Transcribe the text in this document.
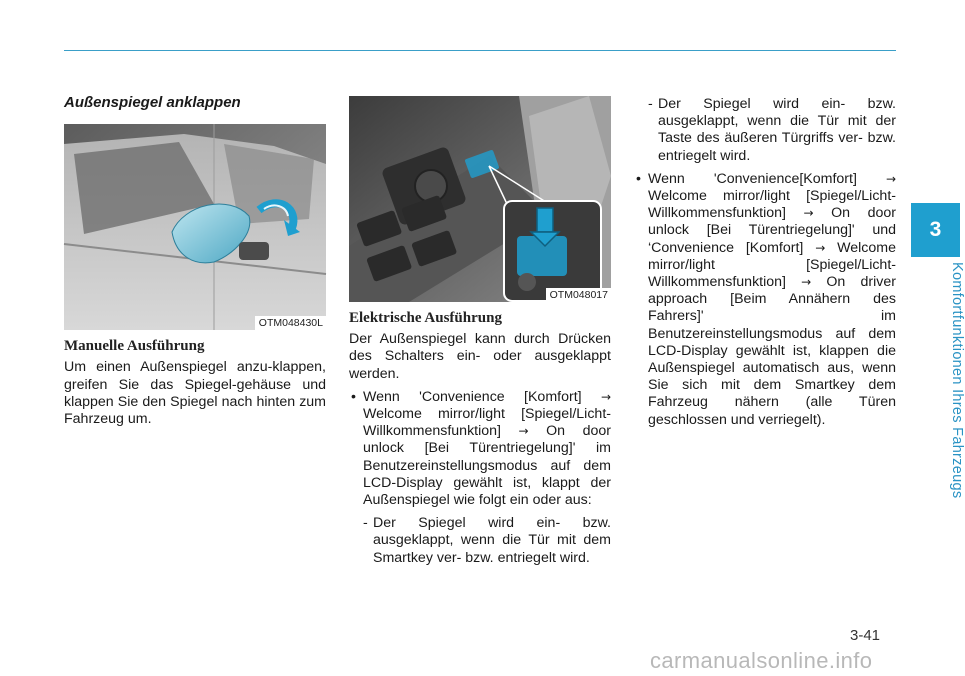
3
Komfortfunktionen Ihres Fahrzeugs
Außenspiegel anklappen
OTM048430L
Manuelle Ausführung

Um einen Außenspiegel anzu-klappen, greifen Sie das Spiegel-gehäuse und klappen Sie den Spiegel nach hinten zum Fahrzeug um.

OTM048017
Elektrische Ausführung

Der Außenspiegel kann durch Drücken des Schalters ein- oder ausgeklappt werden.

• Wenn 'Convenience [Komfort] → Welcome mirror/light [Spiegel/Licht-Willkommensfunktion] → On door unlock [Bei Türentriegelung]' im Benutzereinstellungsmodus auf dem LCD-Display gewählt ist, klappt der Außenspiegel wie folgt ein oder aus:
- Der Spiegel wird ein- bzw. ausgeklappt, wenn die Tür mit dem Smartkey ver- bzw. entriegelt wird.
- Der Spiegel wird ein- bzw. ausgeklappt, wenn die Tür mit der Taste des äußeren Türgriffs ver- bzw. entriegelt wird.
• Wenn 'Convenience[Komfort] → Welcome mirror/light [Spiegel/Licht-Willkommensfunktion] → On door unlock [Bei Türentriegelung]' und ‘Convenience [Komfort] → Welcome mirror/light [Spiegel/Licht-Willkommensfunktion] → On driver approach [Beim Annähern des Fahrers]' im Benutzereinstellungsmodus auf dem LCD-Display gewählt ist, klappen die Außenspiegel automatisch aus, wenn Sie sich mit dem Smartkey dem Fahrzeug nähern (alle Türen geschlossen und verriegelt).
3-41
carmanualsonline.info
